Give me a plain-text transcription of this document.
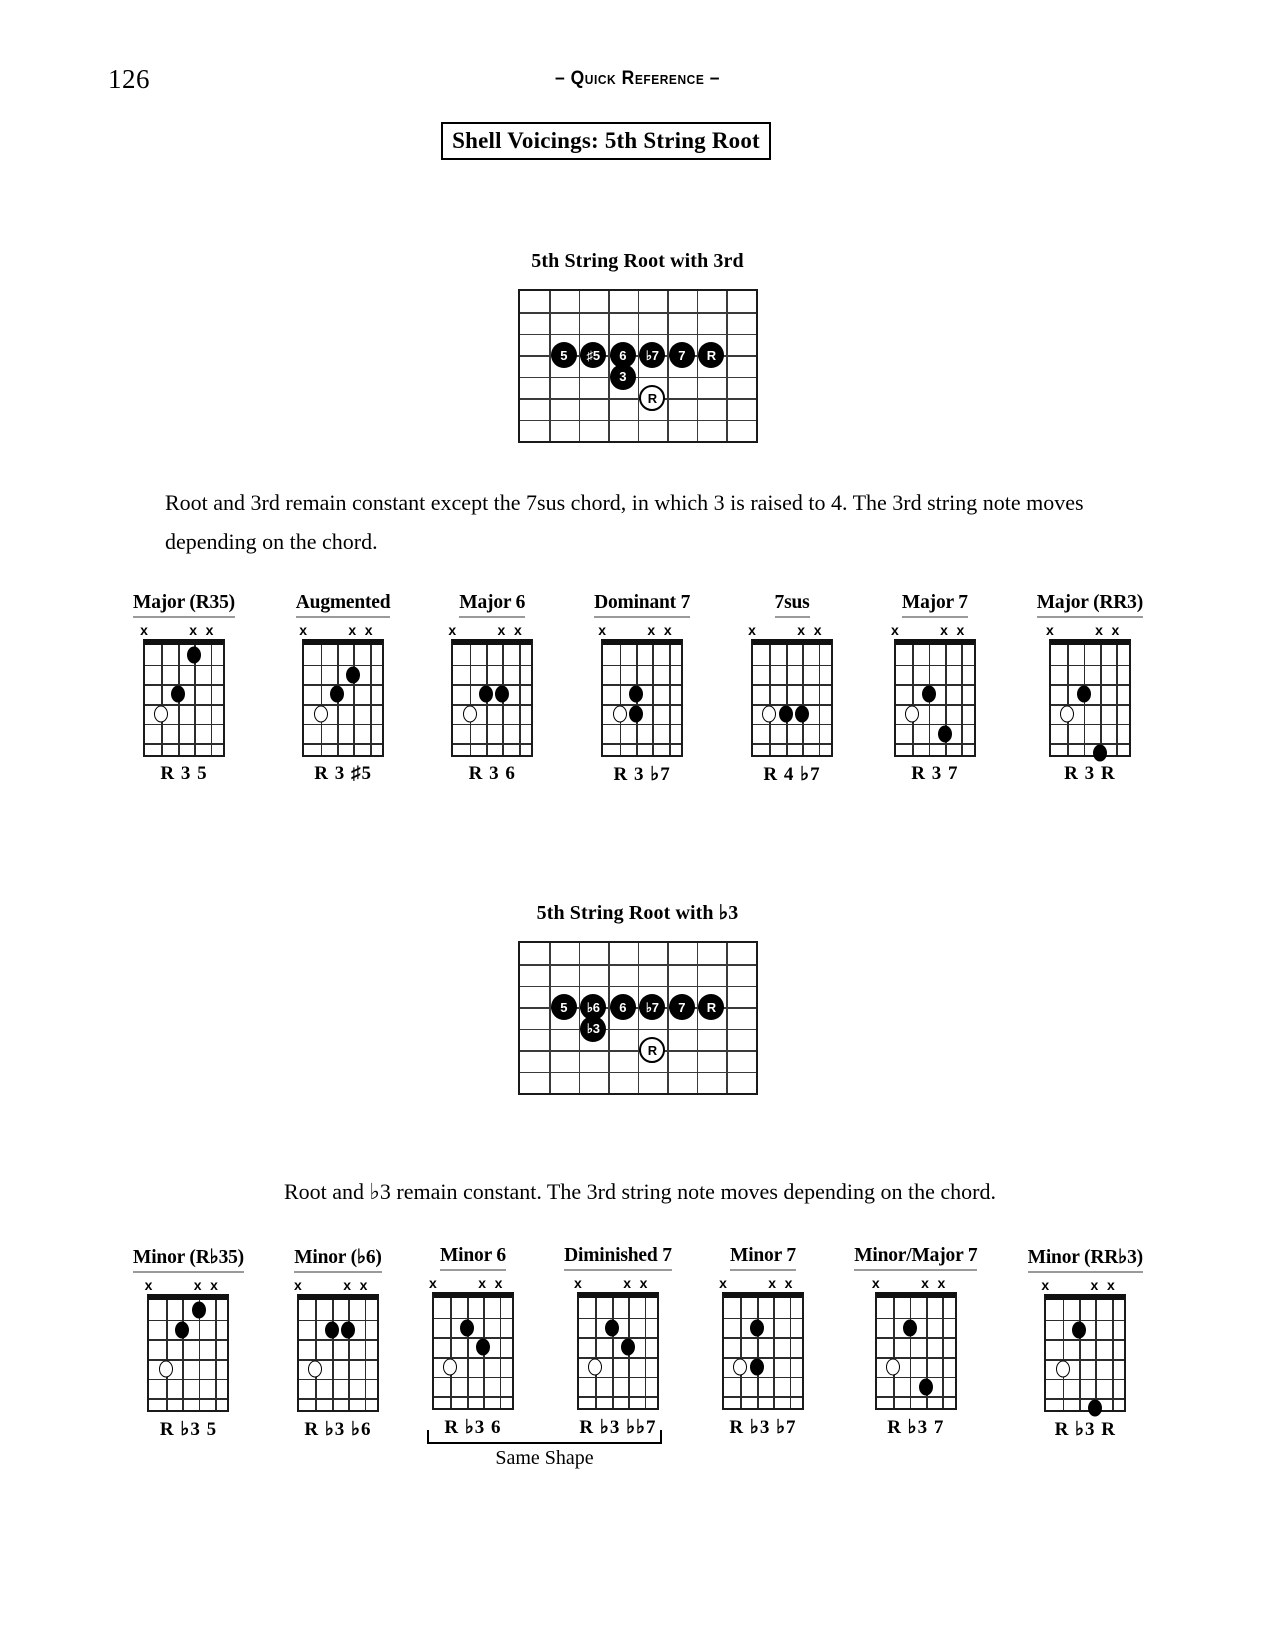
126	– Quick Reference –
Shell Voicings: 5th String Root
5th String Root with 3rd
5	♯5	6	♭7	7	R
3
R
Root and 3rd remain constant except the 7sus chord, in which 3 is raised to 4. The 3rd string note moves depending on the chord.
Major (R35)
x	x x
R 3 5
Augmented
x	x x
R 3 ♯5
Major 6
x	x x
R 3 6
Dominant 7
x	x x
R 3 ♭7
7sus
x	x x
R 4 ♭7
Major 7
x	x x
R 3 7
Major (RR3)
x	x x
R 3 R
5th String Root with ♭3
5	♭6	6	♭7	7	R
♭3
R
Root and ♭3 remain constant. The 3rd string note moves depending on the chord.
Minor (R♭35)
x	x x
R ♭3 5
Minor (♭6)
x	x x
R ♭3 ♭6
Minor 6
x	x x
R ♭3 6
Diminished 7
x	x x
R ♭3 ♭♭7
Minor 7
x	x x
R ♭3 ♭7
Minor/Major 7
x	x x
R ♭3 7
Minor (RR♭3)
x	x x
R ♭3 R
Same Shape
